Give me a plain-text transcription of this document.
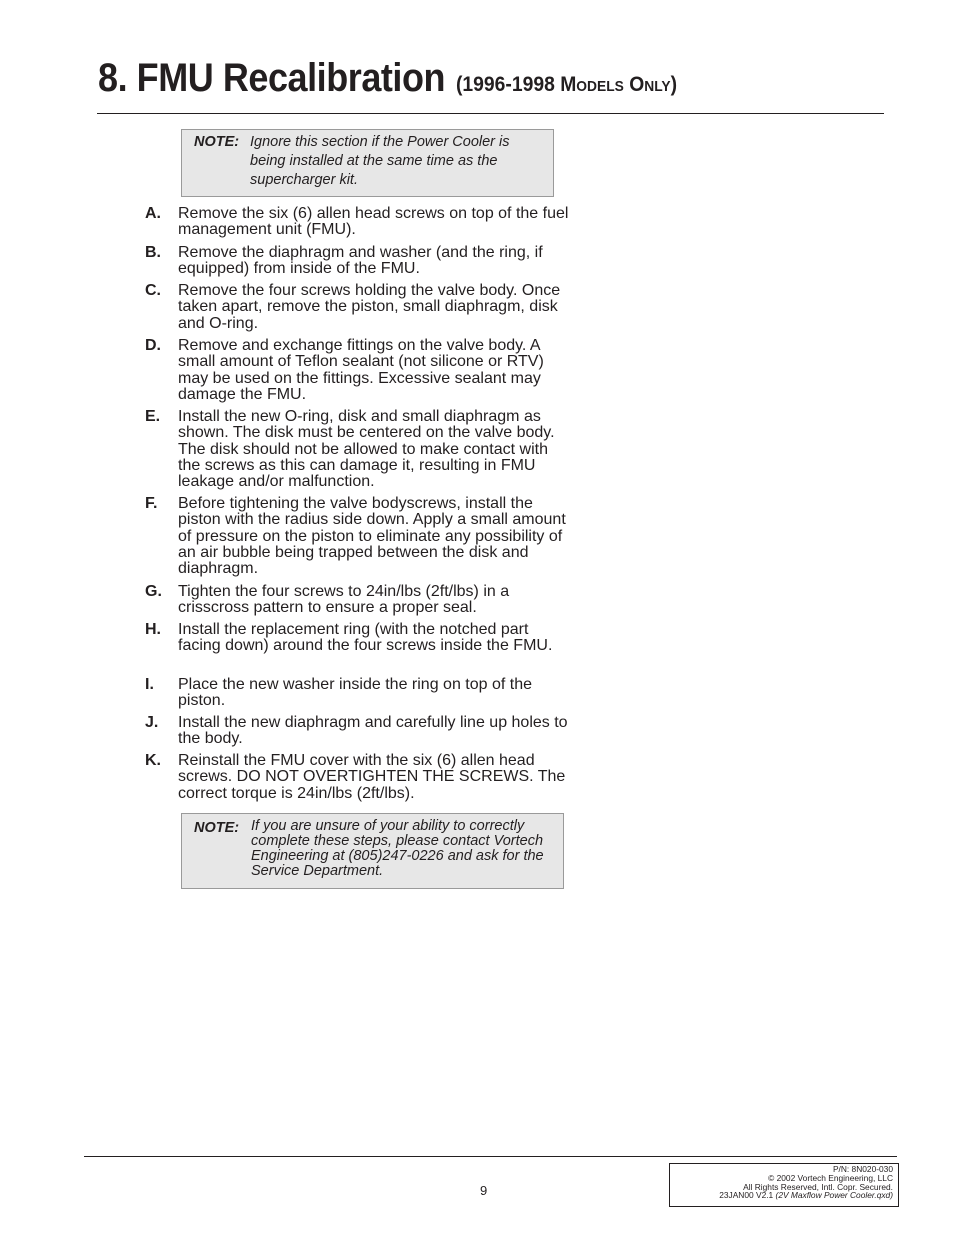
8. FMU Recalibration (1996-1998 MODELS ONLY)
NOTE: Ignore this section if the Power Cooler is being installed at the same time as the supercharger kit.
A. Remove the six (6) allen head screws on top of the fuel management unit (FMU).
B. Remove the diaphragm and washer (and the ring, if equipped) from inside of the FMU.
C. Remove the four screws holding the valve body. Once taken apart, remove the piston, small diaphragm, disk and O-ring.
D. Remove and exchange fittings on the valve body. A small amount of Teflon sealant (not silicone or RTV) may be used on the fittings. Excessive sealant may damage the FMU.
E. Install the new O-ring, disk and small diaphragm as shown. The disk must be centered on the valve body. The disk should not be allowed to make contact with the screws as this can damage it, resulting in FMU leakage and/or malfunction.
F. Before tightening the valve bodyscrews, install the piston with the radius side down. Apply a small amount of pressure on the piston to eliminate any possibility of an air bubble being trapped between the disk and diaphragm.
G. Tighten the four screws to 24in/lbs (2ft/lbs) in a crisscross pattern to ensure a proper seal.
H. Install the replacement ring (with the notched part facing down) around the four screws inside the FMU.
I. Place the new washer inside the ring on top of the piston.
J. Install the new diaphragm and carefully line up holes to the body.
K. Reinstall the FMU cover with the six (6) allen head screws. DO NOT OVERTIGHTEN THE SCREWS. The correct torque is 24in/lbs (2ft/lbs).
NOTE: If you are unsure of your ability to correctly complete these steps, please contact Vortech Engineering at (805)247-0226 and ask for the Service Department.
9
P/N: 8N020-030
© 2002 Vortech Engineering, LLC
All Rights Reserved, Intl. Copr. Secured.
23JAN00 V2.1 (2V Maxflow Power Cooler.qxd)
